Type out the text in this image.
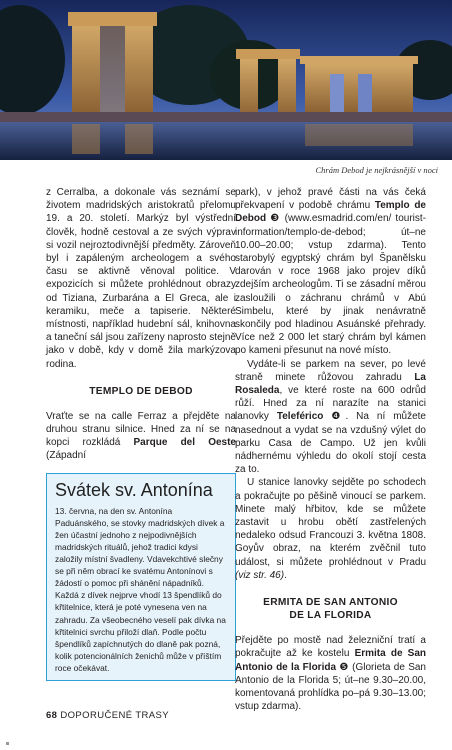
Chrám Debod je nejkrásnější v noci

z Cerralba, a dokonale vás seznámí se životem madridských aristokratů přelomu 19. a 20. století. Markýz byl výstřední člověk, hodně cestoval a ze svých výprav si vozil nejroztodivnější předměty. Zároveň byl i zapáleným archeologem a svého času se aktivně věnoval politice. V expozicích si můžete prohlédnout obrazy od Tiziana, Zurbarána a El Greca, ale i keramiku, meče a tapiserie. Některé místnosti, například hudební sál, knihovna a taneční sál jsou zařízeny naprosto stejně jako v době, kdy v domě žila markýzova rodina.

TEMPLO DE DEBOD

Vraťte se na calle Ferraz a přejděte na druhou stranu silnice. Hned za ní se na kopci rozkládá Parque del Oeste (Západní

Svátek sv. Antonína
13. června, na den sv. Antonína Paduánského, se stovky madridských dívek a žen účastní jednoho z nejpodivnějších madridských rituálů, jehož tradici kdysi založily místní švadleny. Vdavekchtivé slečny se při něm obrací ke svatému Antonínovi s žádostí o pomoc při shánění nápadníků. Každá z dívek nejprve vhodí 13 špendlíků do křtitelnice, která je poté vynesena ven na zahradu. Za všeobecného veselí pak dívka na křtitelnici svrchu přiloží dlaň. Podle počtu špendlíků zapíchnutých do dlaně pak pozná, kolik potencionálních ženichů může v příštím roce očekávat.

park), v jehož pravé části na vás čeká překvapení v podobě chrámu Templo de Debod ❸ (www.esmadrid.com/en/ tourist-information/templo-de-debod; út–ne 10.00–20.00; vstup zdarma). Tento starobylý egyptský chrám byl Španělsku darován v roce 1968 jako projev díků zdejším archeologům. Ti se zásadní měrou zasloužili o záchranu chrámů v Abú Simbelu, které by jinak nenávratně skončily pod hladinou Asuánské přehrady. Více než 2 000 let starý chrám byl kámen po kameni přesunut na nové místo.

Vydáte-li se parkem na sever, po levé straně minete růžovou zahradu La Rosaleda, ve které roste na 600 odrůd růží. Hned za ní narazíte na stanici lanovky Teleférico ❹. Na ní můžete nasednout a vydat se na vzdušný výlet do parku Casa de Campo. Už jen kvůli nádhernému výhledu do okolí stojí cesta za to.

U stanice lanovky sejděte po schodech a pokračujte po pěšině vinoucí se parkem. Minete malý hřbitov, kde se můžete zastavit u hrobu obětí zastřelených nedaleko odsud Francouzi 3. května 1808. Goyův obraz, na kterém zvěčnil tuto událost, si můžete prohlédnout v Pradu (viz str. 46).

ERMITA DE SAN ANTONIO
DE LA FLORIDA

Přejděte po mostě nad železniční tratí a pokračujte až ke kostelu Ermita de San Antonio de la Florida ❺ (Glorieta de San Antonio de la Florida 5; út–ne 9.30–20.00, komentovaná prohlídka po–pá 9.30–13.00; vstup zdarma).

68 DOPORUČENÉ TRASY
